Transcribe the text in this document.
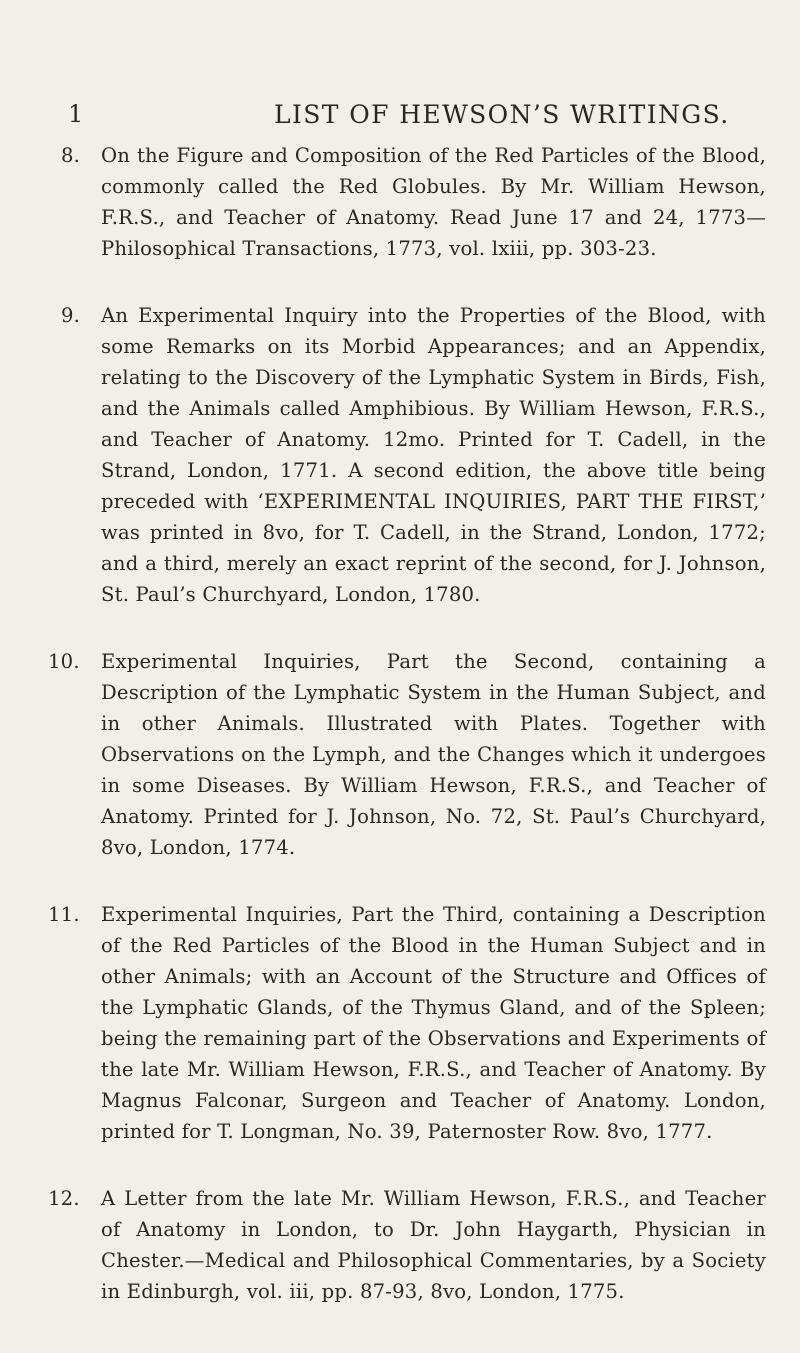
1	LIST OF HEWSON’S WRITINGS.
8. On the Figure and Composition of the Red Particles of the Blood, commonly called the Red Globules. By Mr. William Hewson, F.R.S., and Teacher of Anatomy. Read June 17 and 24, 1773—Philosophical Transactions, 1773, vol. lxiii, pp. 303-23.
9. An Experimental Inquiry into the Properties of the Blood, with some Remarks on its Morbid Appearances; and an Appendix, relating to the Discovery of the Lymphatic System in Birds, Fish, and the Animals called Amphibious. By William Hewson, F.R.S., and Teacher of Anatomy. 12mo. Printed for T. Cadell, in the Strand, London, 1771. A second edition, the above title being preceded with ‘EXPERIMENTAL INQUIRIES, PART THE FIRST,’ was printed in 8vo, for T. Cadell, in the Strand, London, 1772; and a third, merely an exact reprint of the second, for J. Johnson, St. Paul’s Churchyard, London, 1780.
10. Experimental Inquiries, Part the Second, containing a Description of the Lymphatic System in the Human Subject, and in other Animals. Illustrated with Plates. Together with Observations on the Lymph, and the Changes which it undergoes in some Diseases. By William Hewson, F.R.S., and Teacher of Anatomy. Printed for J. Johnson, No. 72, St. Paul’s Churchyard, 8vo, London, 1774.
11. Experimental Inquiries, Part the Third, containing a Description of the Red Particles of the Blood in the Human Subject and in other Animals; with an Account of the Structure and Offices of the Lymphatic Glands, of the Thymus Gland, and of the Spleen; being the remaining part of the Observations and Experiments of the late Mr. William Hewson, F.R.S., and Teacher of Anatomy. By Magnus Falconar, Surgeon and Teacher of Anatomy. London, printed for T. Longman, No. 39, Paternoster Row. 8vo, 1777.
12. A Letter from the late Mr. William Hewson, F.R.S., and Teacher of Anatomy in London, to Dr. John Haygarth, Physician in Chester.—Medical and Philosophical Commentaries, by a Society in Edinburgh, vol. iii, pp. 87-93, 8vo, London, 1775.
